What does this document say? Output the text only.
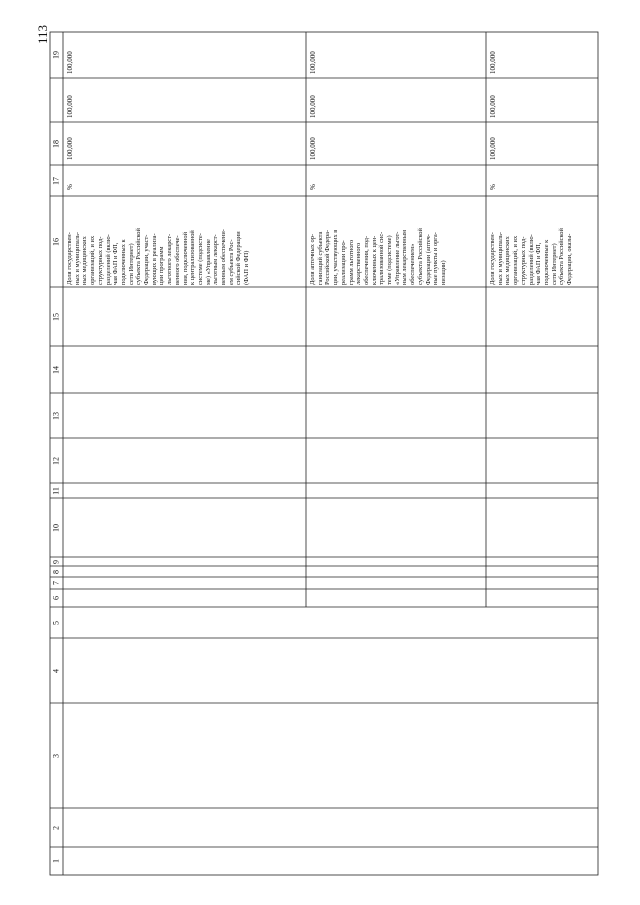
113
1
2
3
4
5
6
7
8
9
10
11
12
13
14
15
16
17
18
19
Доля государствен-
ных и муниципаль-
ных медицинских
организаций, и их
структурных под-
разделений (вклю-
чая ФАП и ФП,
подключенных к
сети Интернет)
субъекта Российской
Федерации, участ-
вующих в реализа-
ции программ
льготного лекарст-
венного обеспече-
ния, подключенной
к централизованной
системе (подсисте-
ме) «Управление
льготным лекарст-
венным обеспечени-
ем субъекта Рос-
сийской Федерации
(ФАП и ФП)
%
100,000
100,000
100,000
Доля аптечных ор-
ганизаций субъекта
Российской Федера-
ции, участвующих в
реализации про-
грамм льготного
лекарственного
обеспечения, под-
ключенных к цен-
трализованной сис-
теме (подсистеме)
«Управление льгот-
ным лекарственным
обеспечением»
субъекта Российской
Федерации (аптеч-
ные пункты и орга-
низации)
%
100,000
100,000
100,000
Доля государствен-
ных и муниципаль-
ных медицинских
организаций, и их
структурных под-
разделений (вклю-
чая ФАП и ФП,
подключенные к
сети Интернет)
субъекта Российской
Федерации, оказы-
%
100,000
100,000
100,000
